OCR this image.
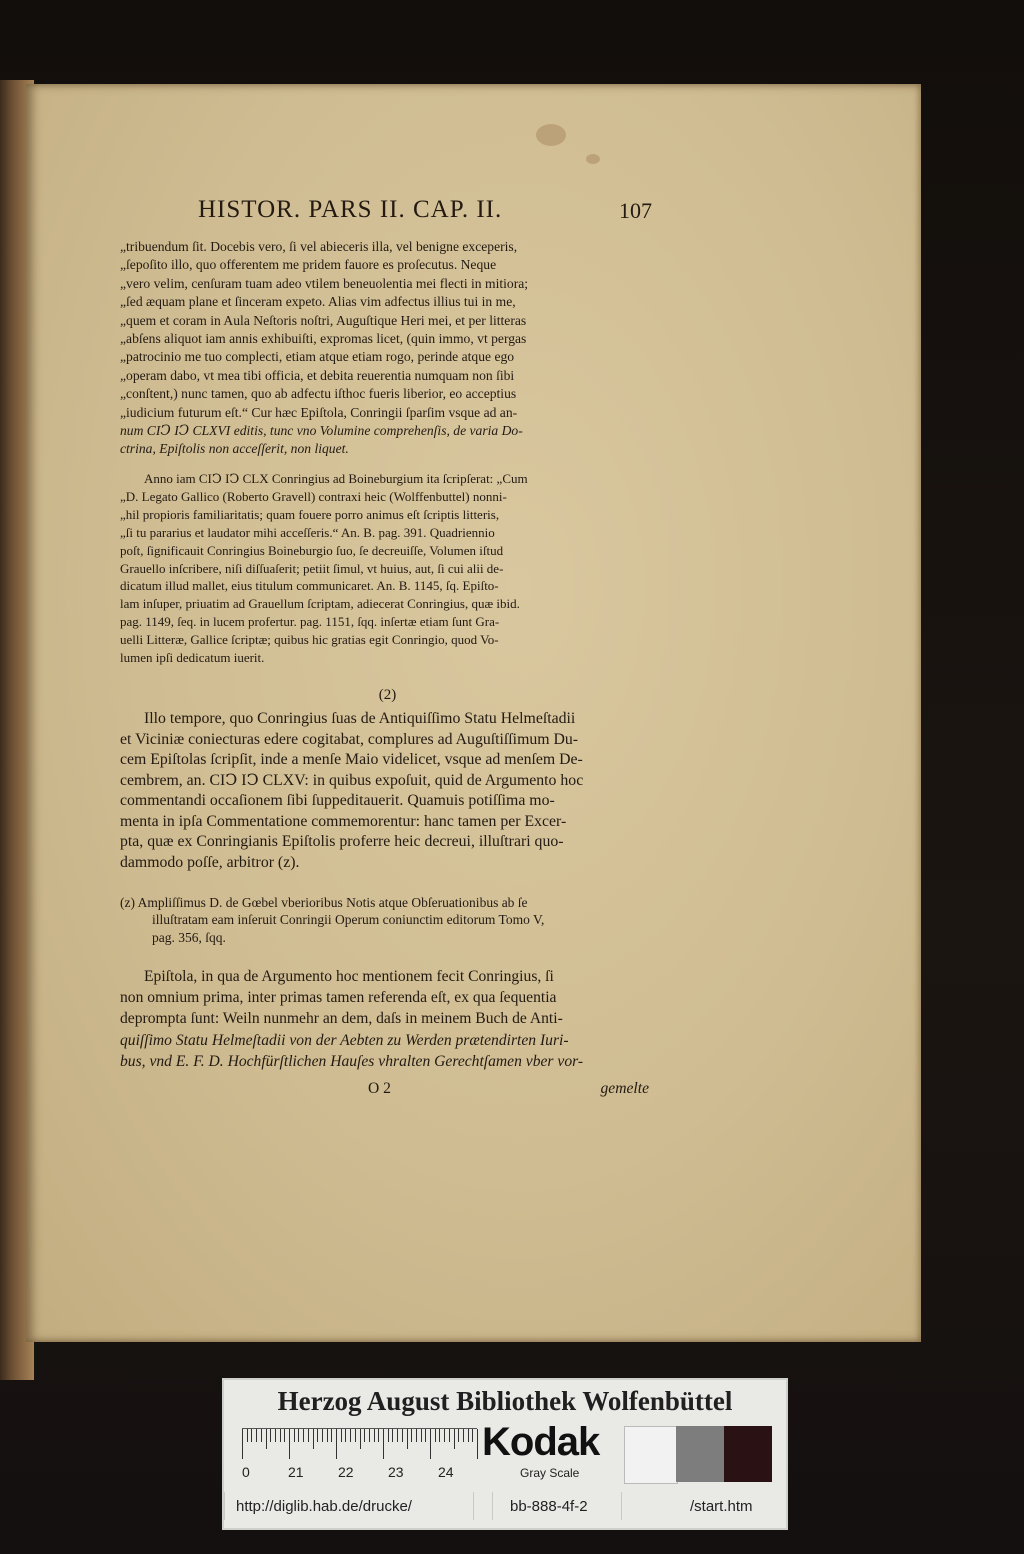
HISTOR. PARS II. CAP. II.	107
„tribuendum ſit. Docebis vero, ſi vel abieceris illa, vel benigne exceperis,
„ſepoſito illo, quo offerentem me pridem fauore es proſecutus. Neque
„vero velim, cenſuram tuam adeo vtilem beneuolentia mei flecti in mitiora;
„ſed æquam plane et ſinceram expeto. Alias vim adfectus illius tui in me,
„quem et coram in Aula Neſtoris noſtri, Auguſtique Heri mei, et per litteras
„abſens aliquot iam annis exhibuiſti, expromas licet, (quin immo, vt pergas
„patrocinio me tuo complecti, etiam atque etiam rogo, perinde atque ego
„operam dabo, vt mea tibi officia, et debita reuerentia numquam non ſibi
„conſtent,) nunc tamen, quo ab adfectu iſthoc fueris liberior, eo acceptius
„iudicium futurum eſt.“ Cur hæc Epiſtola, Conringii ſparſim vsque ad an-
num CIↃ IↃ CLXVI editis, tunc vno Volumine comprehenſis, de varia Do-
ctrina, Epiſtolis non acceſſerit, non liquet.
Anno iam CIↃ IↃ CLX Conringius ad Boineburgium ita ſcripſerat: „Cum
„D. Legato Gallico (Roberto Gravell) contraxi heic (Wolffenbuttel) nonni-
„hil propioris familiaritatis; quam fouere porro animus eſt ſcriptis litteris,
„ſi tu pararius et laudator mihi acceſſeris.“ An. B. pag. 391. Quadriennio
poſt, ſignificauit Conringius Boineburgio ſuo, ſe decreuiſſe, Volumen iſtud
Grauello inſcribere, niſi diſſuaſerit; petiit ſimul, vt huius, aut, ſi cui alii de-
dicatum illud mallet, eius titulum communicaret. An. B. 1145, ſq. Epiſto-
lam inſuper, priuatim ad Grauellum ſcriptam, adiecerat Conringius, quæ ibid.
pag. 1149, ſeq. in lucem profertur. pag. 1151, ſqq. inſertæ etiam ſunt Gra-
uelli Litteræ, Gallice ſcriptæ; quibus hic gratias egit Conringio, quod Vo-
lumen ipſi dedicatum iuerit.
(2)
Illo tempore, quo Conringius ſuas de Antiquiſſimo Statu Helmeſtadii
et Viciniæ coniecturas edere cogitabat, complures ad Auguſtiſſimum Du-
cem Epiſtolas ſcripſit, inde a menſe Maio videlicet, vsque ad menſem De-
cembrem, an. CIↃ IↃ CLXV: in quibus expoſuit, quid de Argumento hoc
commentandi occaſionem ſibi ſuppeditauerit. Quamuis potiſſima mo-
menta in ipſa Commentatione commemorentur: hanc tamen per Excer-
pta, quæ ex Conringianis Epiſtolis proferre heic decreui, illuſtrari quo-
dammodo poſſe, arbitror (z).
(z) Ampliſſimus D. de Gœbel vberioribus Notis atque Obſeruationibus ab ſe
illuſtratam eam inſeruit Conringii Operum coniunctim editorum Tomo V,
pag. 356, ſqq.
Epiſtola, in qua de Argumento hoc mentionem fecit Conringius, ſi
non omnium prima, inter primas tamen referenda eſt, ex qua ſequentia
deprompta ſunt: Weiln nunmehr an dem, daſs in meinem Buch de Anti-
quiſſimo Statu Helmeſtadii von der Aebten zu Werden prætendirten Iuri-
bus, vnd E. F. D. Hochfürſtlichen Hauſes vhralten Gerechtſamen vber vor-
O 2	gemelte
Herzog August Bibliothek Wolfenbüttel
0	21 22 23 24
Kodak
Gray Scale
http://diglib.hab.de/drucke/	bb-888-4f-2	/start.htm
